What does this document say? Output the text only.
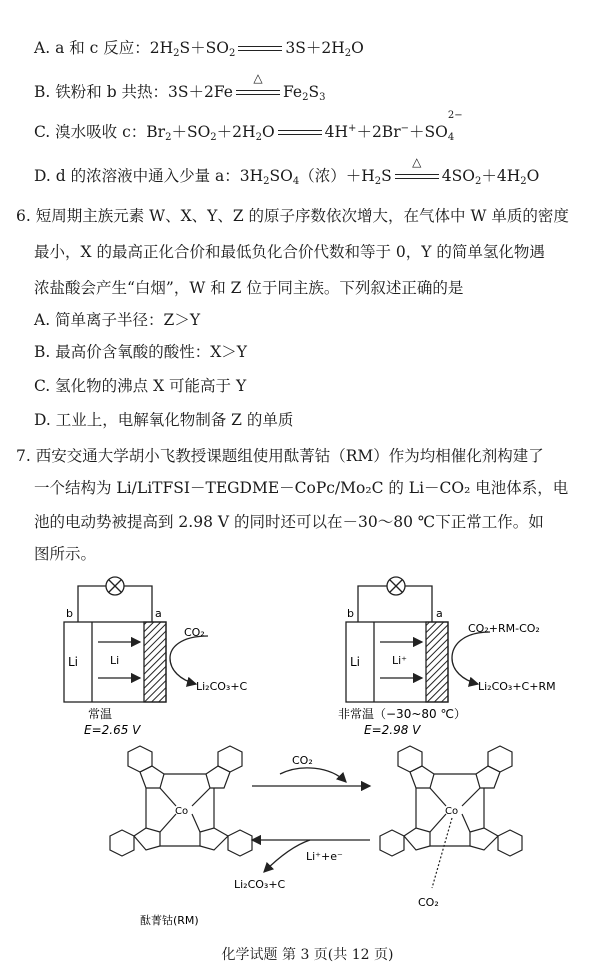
A. a 和 c 反应：$2H_2S+SO_2$	$3S+2H_2O$
B. 铁粉和 b 共热：3S＋2Fe
△
$Fe_2S_3$
C. 溴水吸收 c：$Br_2+SO_2+2H_2O$	4H+＋2Br−＋SO
2−
$_4$
D. d 的浓溶液中通入少量 a：$3H_2SO_4$（浓）$+H_2S$
△
$4SO_2+4H_2O$
6. 短周期主族元素 W、X、Y、Z 的原子序数依次增大，在气体中 W 单质的密度
最小，X 的最高正化合价和最低负化合价代数和等于 0，Y 的简单氢化物遇
浓盐酸会产生“白烟”，W 和 Z 位于同主族。下列叙述正确的是
A. 简单离子半径：Z＞Y
B. 最高价含氧酸的酸性：X＞Y
C. 氢化物的沸点 X 可能高于 Y
D. 工业上，电解氧化物制备 Z 的单质
7. 西安交通大学胡小飞教授课题组使用酞菁钴（RM）作为均相催化剂构建了
一个结构为 Li/LiTFSI－TEGDME－CoPc/Mo₂C 的 Li－CO₂ 电池体系，电
池的电动势被提高到 2.98 V 的同时还可以在－30～80 ℃下正常工作。如
图所示。
b	a
Li	Li
CO₂
Li₂CO₃+C
常温
E=2.65 V
b	a
Li	Li⁺
CO₂+RM-CO₂
Li₂CO₃+C+RM
非常温（−30~80 ℃）
E=2.98 V
Co
酞菁钴(RM)
Co
CO₂
CO₂
Li⁺+e⁻
Li₂CO₃+C
化学试题 第 3 页(共 12 页)
